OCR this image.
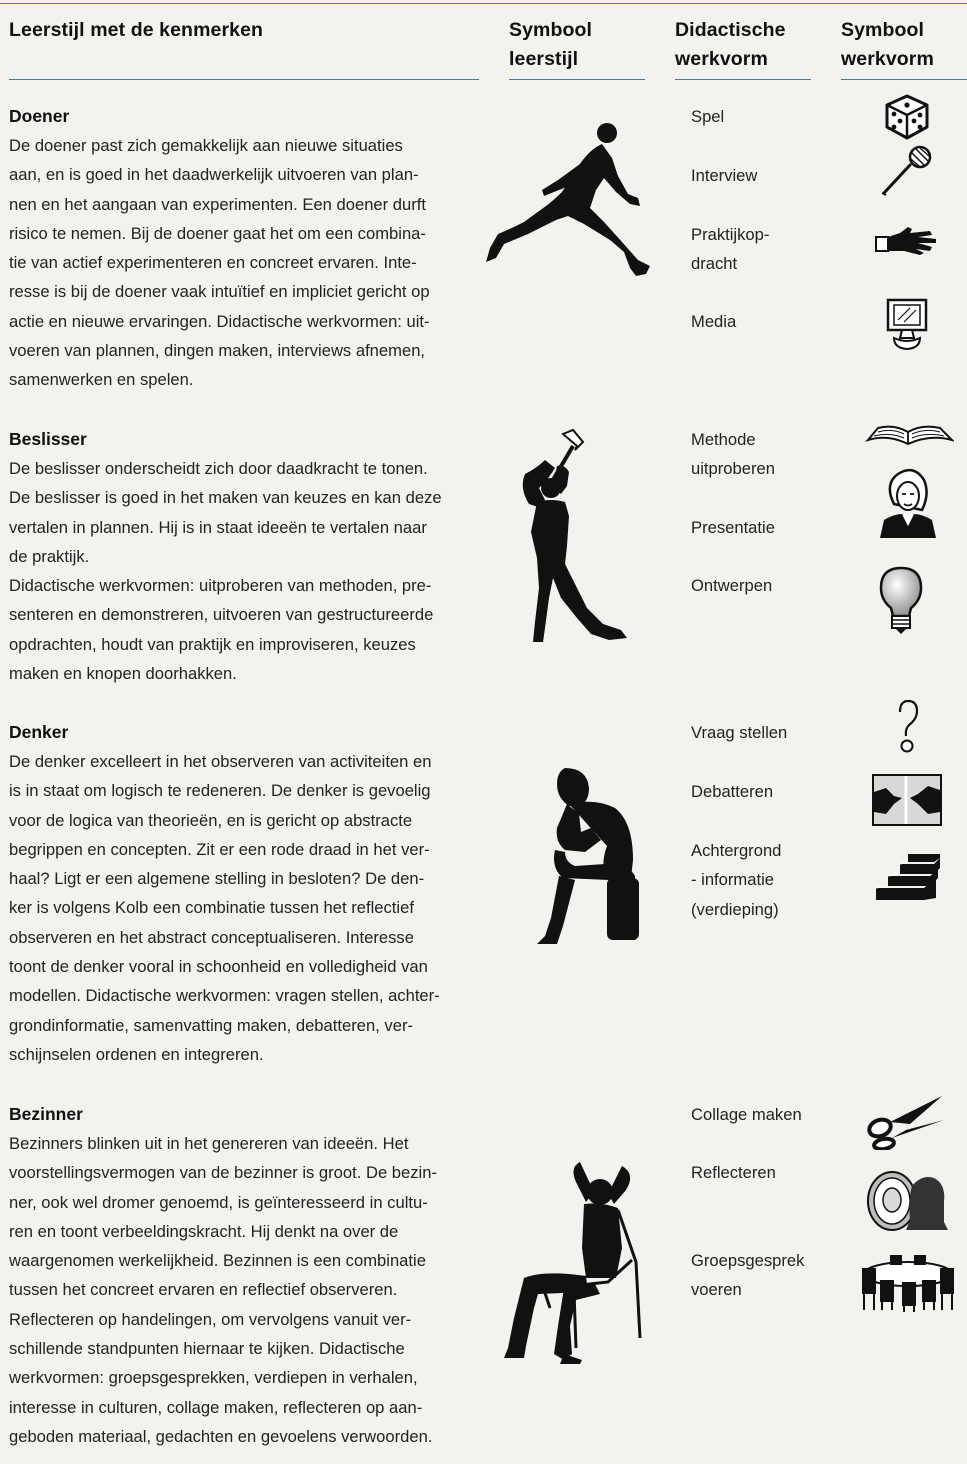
Leerstijl met de kenmerken	Symbool
leerstijl
Didactische
werkvorm
Symbool
werkvorm
Doener
De doener past zich gemakkelijk aan nieuwe situaties
aan, en is goed in het daadwerkelijk uitvoeren van plan-
nen en het aangaan van experimenten. Een doener durft
risico te nemen. Bij de doener gaat het om een combina-
tie van actief experimenteren en concreet ervaren. Inte-
resse is bij de doener vaak intuïtief en impliciet gericht op
actie en nieuwe ervaringen. Didactische werkvormen: uit-
voeren van plannen, dingen maken, interviews afnemen,
samenwerken en spelen.
Spel
Interview
Praktijkop-
dracht
Media
Beslisser
De beslisser onderscheidt zich door daadkracht te tonen.
De beslisser is goed in het maken van keuzes en kan deze
vertalen in plannen. Hij is in staat ideeën te vertalen naar
de praktijk.
Didactische werkvormen: uitproberen van methoden, pre-
senteren en demonstreren, uitvoeren van gestructureerde
opdrachten, houdt van praktijk en improviseren, keuzes
maken en knopen doorhakken.
Methode
uitproberen
Presentatie
Ontwerpen
Denker
De denker excelleert in het observeren van activiteiten en
is in staat om logisch te redeneren. De denker is gevoelig
voor de logica van theorieën, en is gericht op abstracte
begrippen en concepten. Zit er een rode draad in het ver-
haal? Ligt er een algemene stelling in besloten? De den-
ker is volgens Kolb een combinatie tussen het reflectief
observeren en het abstract conceptualiseren. Interesse
toont de denker vooral in schoonheid en volledigheid van
modellen. Didactische werkvormen: vragen stellen, achter-
grondinformatie, samenvatting maken, debatteren, ver-
schijnselen ordenen en integreren.
Vraag stellen
Debatteren
Achtergrond
- informatie
(verdieping)
Bezinner
Bezinners blinken uit in het genereren van ideeën. Het
voorstellingsvermogen van de bezinner is groot. De bezin-
ner, ook wel dromer genoemd, is geïnteresseerd in cultu-
ren en toont verbeeldingskracht. Hij denkt na over de
waargenomen werkelijkheid. Bezinnen is een combinatie
tussen het concreet ervaren en reflectief observeren.
Reflecteren op handelingen, om vervolgens vanuit ver-
schillende standpunten hiernaar te kijken. Didactische
werkvormen: groepsgesprekken, verdiepen in verhalen,
interesse in culturen, collage maken, reflecteren op aan-
geboden materiaal, gedachten en gevoelens verwoorden.
Collage maken
Reflecteren
Groepsgesprek
voeren
